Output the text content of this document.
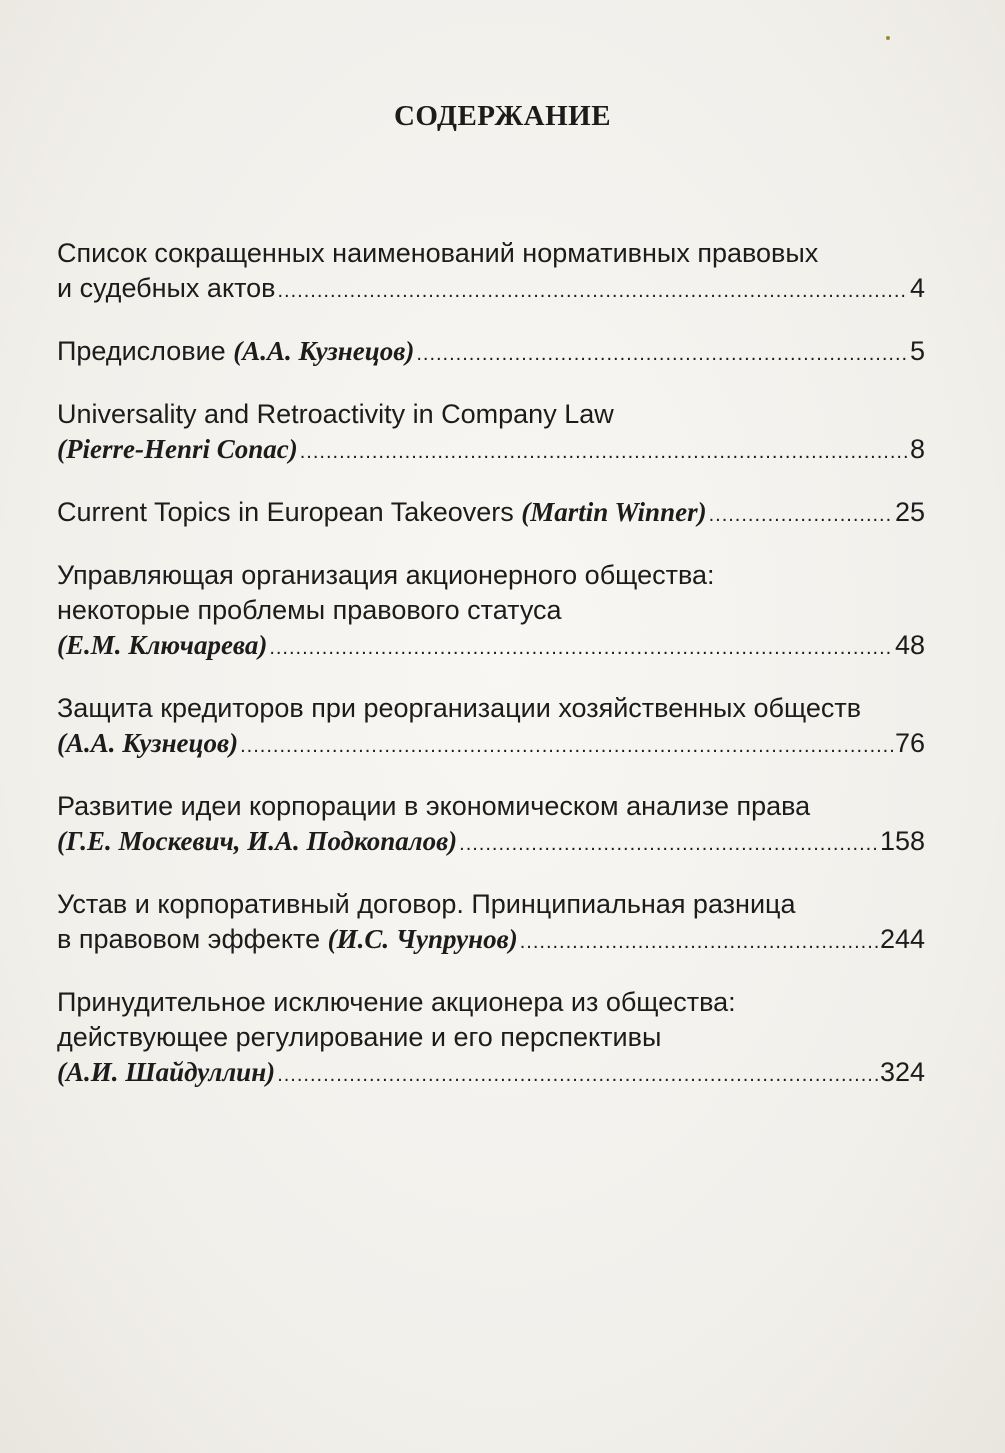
СОДЕРЖАНИЕ
Список сокращенных наименований нормативных правовых
и судебных актов .....	4
Предисловие (А.А. Кузнецов) .....	5
Universality and Retroactivity in Company Law
(Pierre-Henri Conac) .....	8
Current Topics in European Takeovers (Martin Winner) .....	25
Управляющая организация акционерного общества:
некоторые проблемы правового статуса
(Е.М. Ключарева) .....	48
Защита кредиторов при реорганизации хозяйственных обществ
(А.А. Кузнецов) .....	76
Развитие идеи корпорации в экономическом анализе права
(Г.Е. Москевич, И.А. Подкопалов) .....	158
Устав и корпоративный договор. Принципиальная разница
в правовом эффекте (И.С. Чупрунов) .....	244
Принудительное исключение акционера из общества:
действующее регулирование и его перспективы
(А.И. Шайдуллин) .....	324
